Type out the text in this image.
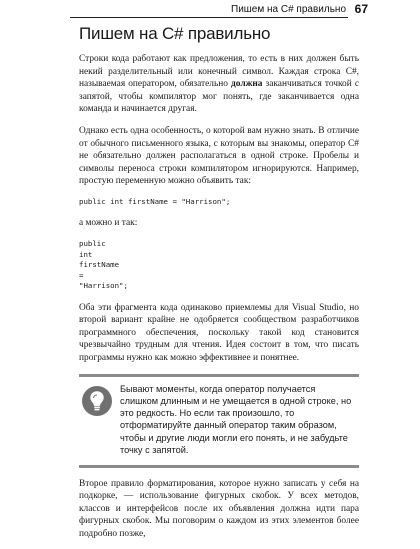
Пишем на C# правильно 67
Пишем на C# правильно

Строки кода работают как предложения, то есть в них должен быть некий разделительный или конечный символ. Каждая строка C#, называемая оператором, обязательно должна заканчиваться точкой с запятой, чтобы компилятор мог понять, где заканчивается одна команда и начинается другая.

Однако есть одна особенность, о которой вам нужно знать. В отличие от обычного письменного языка, с которым вы знакомы, оператор C# не обязательно должен располагаться в одной строке. Пробелы и символы переноса строки компилятором игнорируются. Например, простую переменную можно объявить так:

public int firstName = "Harrison";

а можно и так:

public
int
firstName
=
"Harrison";

Оба эти фрагмента кода одинаково приемлемы для Visual Studio, но второй вариант крайне не одобряется сообществом разработчиков программного обеспечения, поскольку такой код становится чрезвычайно трудным для чтения. Идея состоит в том, что писать программы нужно как можно эффективнее и понятнее.

Бывают моменты, когда оператор получается слишком длинным и не умещается в одной строке, но это редкость. Но если так произошло, то отформатируйте данный оператор таким образом, чтобы и другие люди могли его понять, и не забудьте точку с запятой.

Второе правило форматирования, которое нужно записать у себя на подкорке, — использование фигурных скобок. У всех методов, классов и интерфейсов после их объявления должна идти пара фигурных скобок. Мы поговорим о каждом из этих элементов более подробно позже,
